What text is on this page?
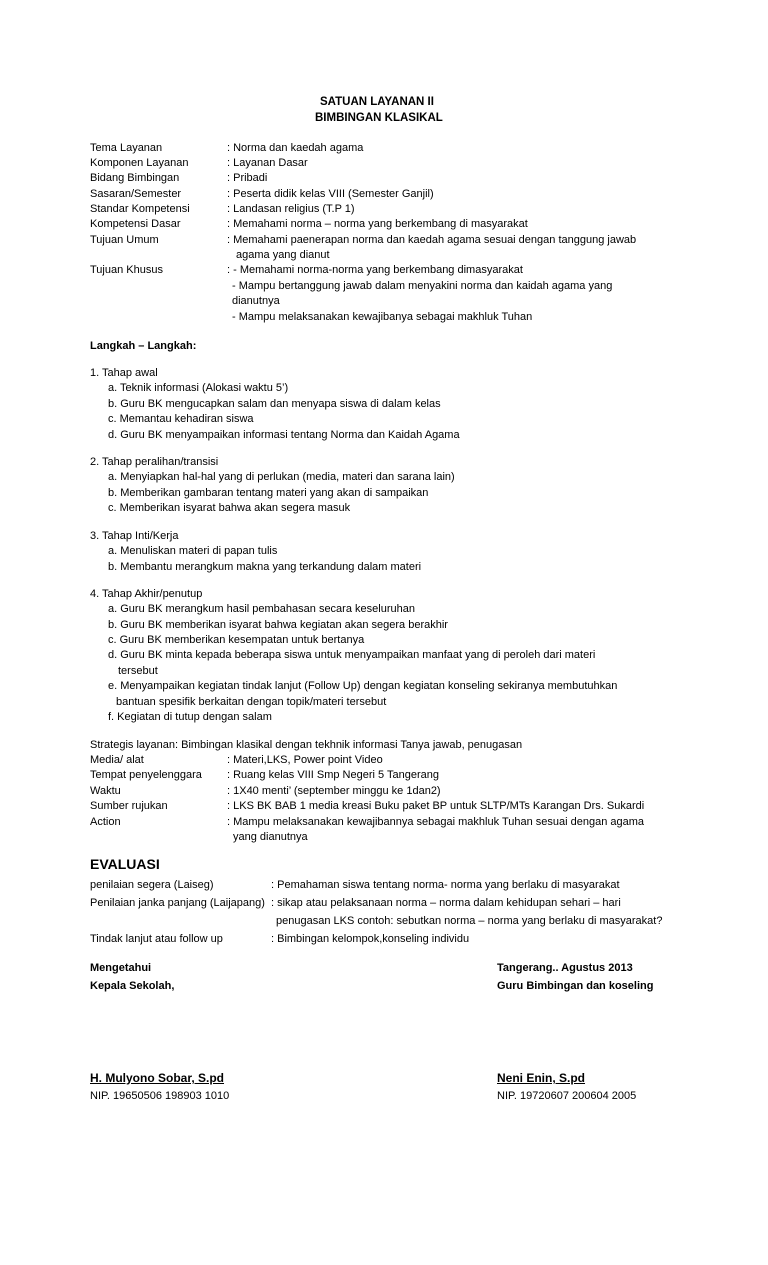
SATUAN LAYANAN II
BIMBINGAN KLASIKAL
Tema Layanan	: Norma dan kaedah agama
Komponen Layanan	: Layanan Dasar
Bidang Bimbingan	: Pribadi
Sasaran/Semester	: Peserta didik kelas VIII (Semester Ganjil)
Standar Kompetensi	: Landasan religius (T.P 1)
Kompetensi Dasar	: Memahami norma – norma yang berkembang di masyarakat
Tujuan Umum	: Memahami paenerapan norma dan kaedah agama sesuai dengan tanggung jawab
agama yang dianut
Tujuan Khusus	: - Memahami norma-norma yang berkembang dimasyarakat
- Mampu bertanggung jawab dalam menyakini norma dan kaidah agama yang
dianutnya
- Mampu melaksanakan kewajibanya sebagai makhluk Tuhan
Langkah – Langkah:
1. Tahap awal
a. Teknik informasi (Alokasi waktu 5’)
b. Guru BK mengucapkan salam dan menyapa siswa di dalam kelas
c. Memantau kehadiran siswa
d. Guru BK menyampaikan informasi tentang Norma dan Kaidah Agama
2. Tahap peralihan/transisi
a. Menyiapkan hal-hal yang di perlukan (media, materi dan sarana lain)
b. Memberikan gambaran tentang materi yang akan di sampaikan
c. Memberikan isyarat bahwa akan segera masuk
3. Tahap Inti/Kerja
a. Menuliskan materi di papan tulis
b. Membantu merangkum makna yang terkandung dalam materi
4. Tahap Akhir/penutup
a. Guru BK merangkum hasil pembahasan secara keseluruhan
b. Guru BK memberikan isyarat bahwa kegiatan akan segera berakhir
c. Guru BK memberikan kesempatan untuk bertanya
d. Guru BK minta kepada beberapa siswa untuk menyampaikan manfaat yang di peroleh dari materi
tersebut
e. Menyampaikan kegiatan tindak lanjut (Follow Up) dengan kegiatan konseling sekiranya membutuhkan
bantuan spesifik berkaitan dengan topik/materi tersebut
f. Kegiatan di tutup dengan salam
Strategis layanan: Bimbingan klasikal dengan tekhnik informasi Tanya jawab, penugasan
Media/ alat	: Materi,LKS, Power point Video
Tempat penyelenggara : Ruang kelas VIII Smp Negeri 5 Tangerang
Waktu	: 1X40 menti’ (september minggu ke 1dan2)
Sumber rujukan	: LKS BK BAB 1 media kreasi Buku paket BP untuk SLTP/MTs Karangan Drs. Sukardi
Action	: Mampu melaksanakan kewajibannya sebagai makhluk Tuhan sesuai dengan agama
yang dianutnya
EVALUASI
penilaian segera (Laiseg)	: Pemahaman siswa tentang norma- norma yang berlaku di masyarakat
Penilaian janka panjang (Laijapang) : sikap atau pelaksanaan norma – norma dalam kehidupan sehari – hari
penugasan LKS contoh: sebutkan norma – norma yang berlaku di masyarakat?
Tindak lanjut atau follow up	: Bimbingan kelompok,konseling individu
Mengetahui
Kepala Sekolah,
Tangerang.. Agustus 2013
Guru Bimbingan dan koseling
H. Mulyono Sobar, S.pd
NIP. 19650506 198903 1010
Neni Enin, S.pd
NIP. 19720607 200604 2005
